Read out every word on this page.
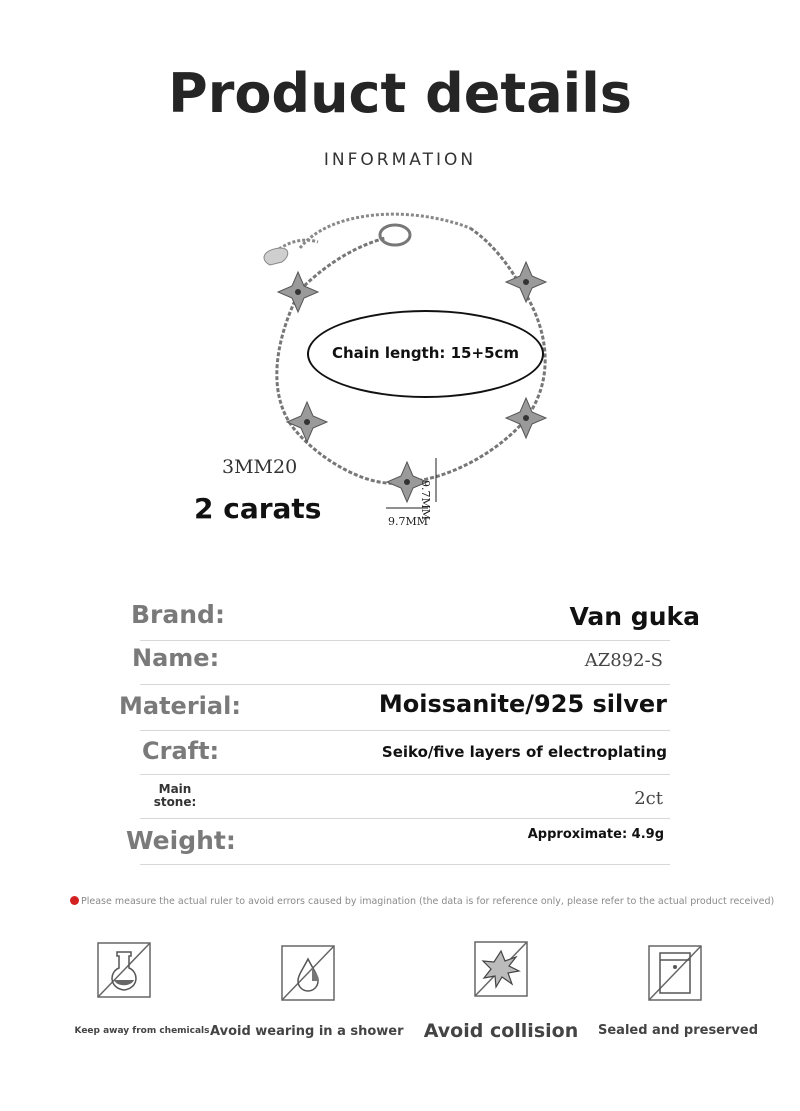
Product details
INFORMATION
Chain length: 15+5cm
3MM20
2 carats	9.7MM
9.7MM
Brand:	Van guka
Name:	AZ892-S
Material:	Moissanite/925 silver
Craft:	Seiko/five layers of electroplating
Main stone:	2ct
Weight:	Approximate: 4.9g
Please measure the actual ruler to avoid errors caused by imagination (the data is for reference only, please refer to the actual product received)
Keep away from chemicals Avoid wearing in a shower	Avoid collision	Sealed and preserved
